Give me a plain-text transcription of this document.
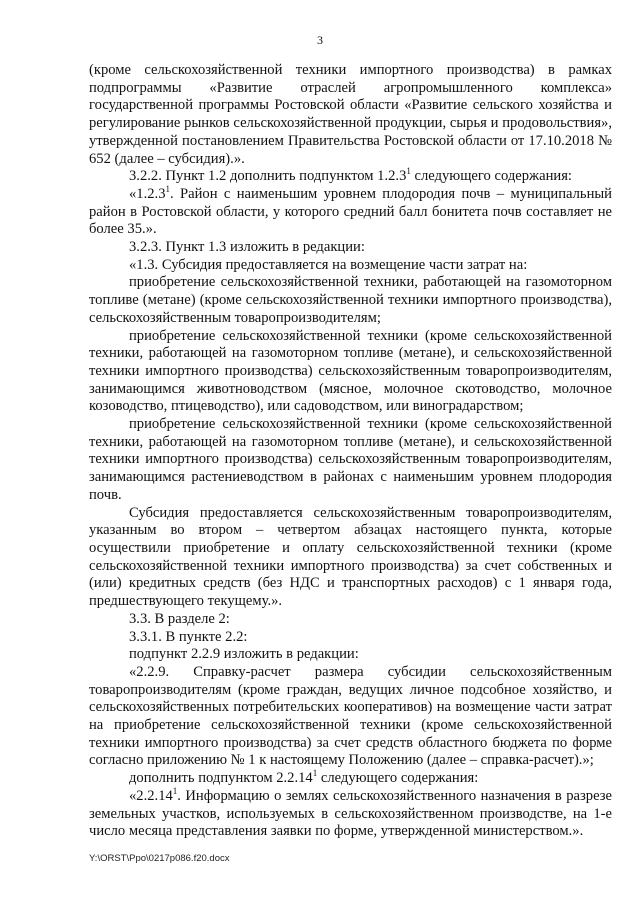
3

(кроме сельскохозяйственной техники импортного производства) в рамках подпрограммы «Развитие отраслей агропромышленного комплекса» государственной программы Ростовской области «Развитие сельского хозяйства и регулирование рынков сельскохозяйственной продукции, сырья и продовольствия», утвержденной постановлением Правительства Ростовской области от 17.10.2018 № 652 (далее – субсидия).».

3.2.2. Пункт 1.2 дополнить подпунктом 1.2.3$^1$ следующего содержания:

«1.2.3$^1$. Район с наименьшим уровнем плодородия почв – муниципальный район в Ростовской области, у которого средний балл бонитета почв составляет не более 35.».

3.2.3. Пункт 1.3 изложить в редакции:

«1.3. Субсидия предоставляется на возмещение части затрат на:

приобретение сельскохозяйственной техники, работающей на газомоторном топливе (метане) (кроме сельскохозяйственной техники импортного производства), сельскохозяйственным товаропроизводителям;

приобретение сельскохозяйственной техники (кроме сельскохозяйственной техники, работающей на газомоторном топливе (метане), и сельскохозяйственной техники импортного производства) сельскохозяйственным товаропроизводителям, занимающимся животноводством (мясное, молочное скотоводство, молочное козоводство, птицеводство), или садоводством, или виноградарством;

приобретение сельскохозяйственной техники (кроме сельскохозяйственной техники, работающей на газомоторном топливе (метане), и сельскохозяйственной техники импортного производства) сельскохозяйственным товаропроизводителям, занимающимся растениеводством в районах с наименьшим уровнем плодородия почв.

Субсидия предоставляется сельскохозяйственным товаропроизводителям, указанным во втором – четвертом абзацах настоящего пункта, которые осуществили приобретение и оплату сельскохозяйственной техники (кроме сельскохозяйственной техники импортного производства) за счет собственных и (или) кредитных средств (без НДС и транспортных расходов) с 1 января года, предшествующего текущему.».

3.3. В разделе 2:

3.3.1. В пункте 2.2:

подпункт 2.2.9 изложить в редакции:

«2.2.9. Справку-расчет размера субсидии сельскохозяйственным товаропроизводителям (кроме граждан, ведущих личное подсобное хозяйство, и сельскохозяйственных потребительских кооперативов) на возмещение части затрат на приобретение сельскохозяйственной техники (кроме сельскохозяйственной техники импортного производства) за счет средств областного бюджета по форме согласно приложению № 1 к настоящему Положению (далее – справка-расчет).»;

дополнить подпунктом 2.2.14$^1$ следующего содержания:

«2.2.14$^1$. Информацию о землях сельскохозяйственного назначения в разрезе земельных участков, используемых в сельскохозяйственном производстве, на 1-е число месяца представления заявки по форме, утвержденной министерством.».

Y:\ORST\Ppo\0217p086.f20.docx
